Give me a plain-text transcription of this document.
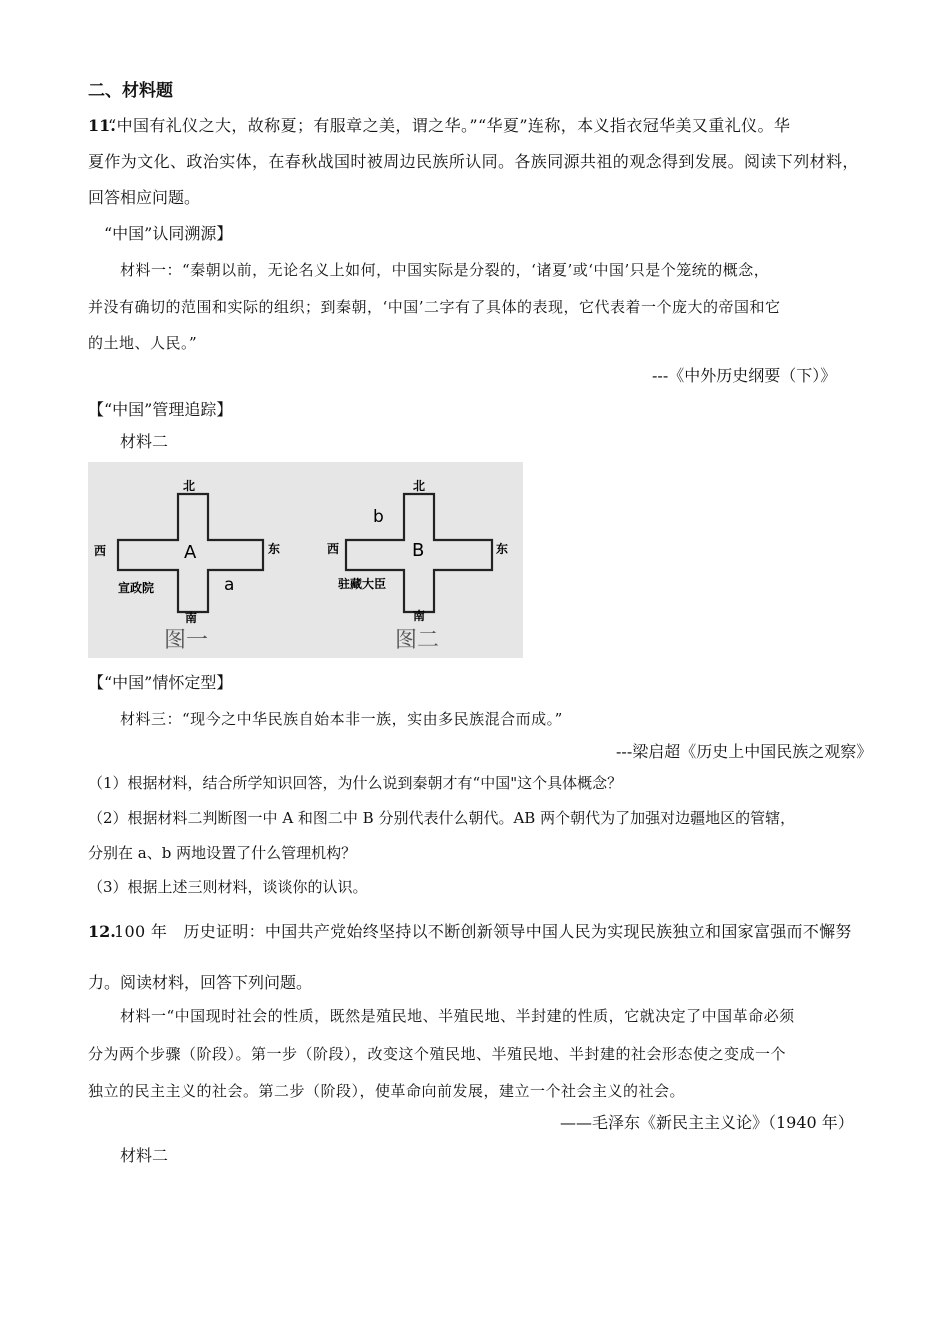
二、材料题
11.
“中国有礼仪之大，故称夏；有服章之美，谓之华。”“华夏”连称，本义指衣冠华美又重礼仪。华
夏作为文化、政治实体，在春秋战国时被周边民族所认同。各族同源共祖的观念得到发展。阅读下列材料，
回答相应问题。
“中国”认同溯源】
材料一：“秦朝以前，无论名义上如何，中国实际是分裂的，‘诸夏’或‘中国’只是个笼统的概念，
并没有确切的范围和实际的组织；到秦朝，‘中国’二字有了具体的表现，它代表着一个庞大的帝国和它
的土地、人民。”
---《中外历史纲要（下）》
【“中国”管理追踪】
材料二
北
西	东
A
a
宣政院
南
图一
北
b
西	东
B
驻藏大臣
南
图二
【“中国”情怀定型】
材料三：“现今之中华民族自始本非一族，实由多民族混合而成。”
---梁启超《历史上中国民族之观察》
（1）根据材料，结合所学知识回答，为什么说到秦朝才有“中国"这个具体概念？
（2）根据材料二判断图一中 A 和图二中 B 分别代表什么朝代。AB 两个朝代为了加强对边疆地区的管辖，
分别在 a、b 两地设置了什么管理机构？
（3）根据上述三则材料，谈谈你的认识。
12.
100 年　历史证明：中国共产党始终坚持以不断创新领导中国人民为实现民族独立和国家富强而不懈努
力。阅读材料，回答下列问题。
材料一“中国现时社会的性质，既然是殖民地、半殖民地、半封建的性质，它就决定了中国革命必须
分为两个步骤（阶段）。第一步（阶段），改变这个殖民地、半殖民地、半封建的社会形态使之变成一个
独立的民主主义的社会。第二步（阶段），使革命向前发展，建立一个社会主义的社会。
——毛泽东《新民主主义论》（1940 年）
材料二
